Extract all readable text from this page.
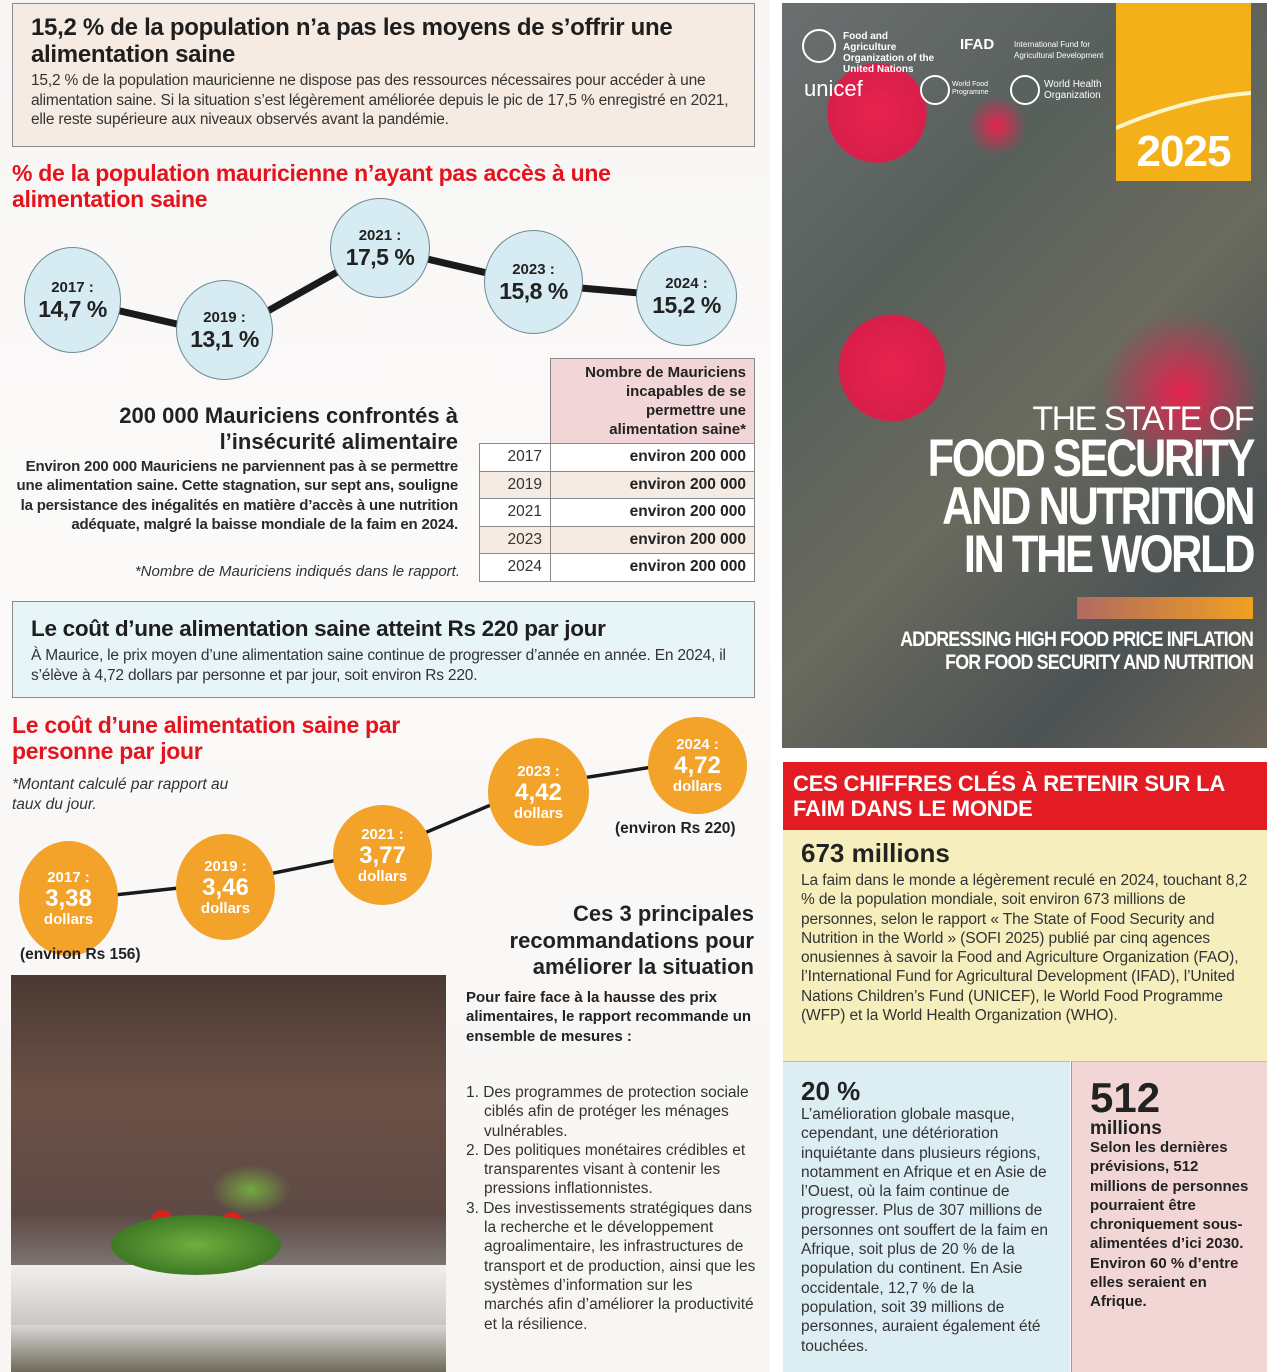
15,2 % de la population n’a pas les moyens de s’offrir une alimentation saine

15,2 % de la population mauricienne ne dispose pas des ressources nécessaires pour accéder à une alimentation saine. Si la situation s’est légèrement améliorée depuis le pic de 17,5 % enregistré en 2021, elle reste supérieure aux niveaux observés avant la pandémie.

% de la population mauricienne n’ayant pas accès à une alimentation saine
2017 :
14,7 %	2019 :
13,1 %
2021 :
17,5 %	2023 :
15,8 %	2024 :
15,2 %
200 000 Mauriciens confrontés à l’insécurité alimentaire
Environ 200 000 Mauriciens ne parviennent pas à se permettre une alimentation saine. Cette stagnation, sur sept ans, souligne la persistance des inégalités en matière d’accès à une nutrition adéquate, malgré la baisse mondiale de la faim en 2024.
*Nombre de Mauriciens indiqués dans le rapport.
	Nombre de Mauriciens incapables de se permettre une alimentation saine*
2017	environ 200 000
2019	environ 200 000
2021	environ 200 000
2023	environ 200 000
2024	environ 200 000
Le coût d’une alimentation saine atteint Rs 220 par jour

À Maurice, le prix moyen d’une alimentation saine continue de progresser d’année en année. En 2024, il s’élève à 4,72 dollars par personne et par jour, soit environ Rs 220.

Le coût d’une alimentation saine par personne par jour
*Montant calculé par rapport au taux du jour.
2017 :
3,38
dollars
2019 :
3,46
dollars
2021 :
3,77
dollars
2023 :
4,42
dollars
2024 :
4,72
dollars
(environ Rs 156)
(environ Rs 220)
Ces 3 principales recommandations pour améliorer la situation
Pour faire face à la hausse des prix alimentaires, le rapport recommande un ensemble de mesures :
1. Des programmes de protection sociale ciblés afin de protéger les ménages vulnérables.
2. Des politiques monétaires crédibles et transparentes visant à contenir les pressions inflationnistes.
3. Des investissements stratégiques dans la recherche et le développement agroalimentaire, les infrastructures de transport et de production, ainsi que les systèmes d’information sur les marchés afin d’améliorer la productivité et la résilience.
2025
Food and Agriculture Organization of the United Nations
IFAD International Fund for Agricultural Development
unicef	World Food Programme
World Health Organization
THE STATE OF
FOOD SECURITY AND NUTRITION IN THE WORLD
ADDRESSING HIGH FOOD PRICE INFLATION FOR FOOD SECURITY AND NUTRITION
CES CHIFFRES CLÉS À RETENIR SUR LA FAIM DANS LE MONDE
673 millions

La faim dans le monde a légèrement reculé en 2024, touchant 8,2 % de la population mondiale, soit environ 673 millions de personnes, selon le rapport « The State of Food Security and Nutrition in the World » (SOFI 2025) publié par cinq agences onusiennes à savoir la Food and Agriculture Organization (FAO), l’International Fund for Agricultural Development (IFAD), l’United Nations Children’s Fund (UNICEF), le World Food Programme (WFP) et la World Health Organization (WHO).

20 %

L’amélioration globale masque, cependant, une détérioration inquiétante dans plusieurs régions, notamment en Afrique et en Asie de l’Ouest, où la faim continue de progresser. Plus de 307 millions de personnes ont souffert de la faim en Afrique, soit plus de 20 % de la population du continent. En Asie occidentale, 12,7 % de la population, soit 39 millions de personnes, auraient également été touchées.

512
millions

Selon les dernières prévisions, 512 millions de personnes pourraient être chroniquement sous-alimentées d’ici 2030. Environ 60 % d’entre elles seraient en Afrique.
